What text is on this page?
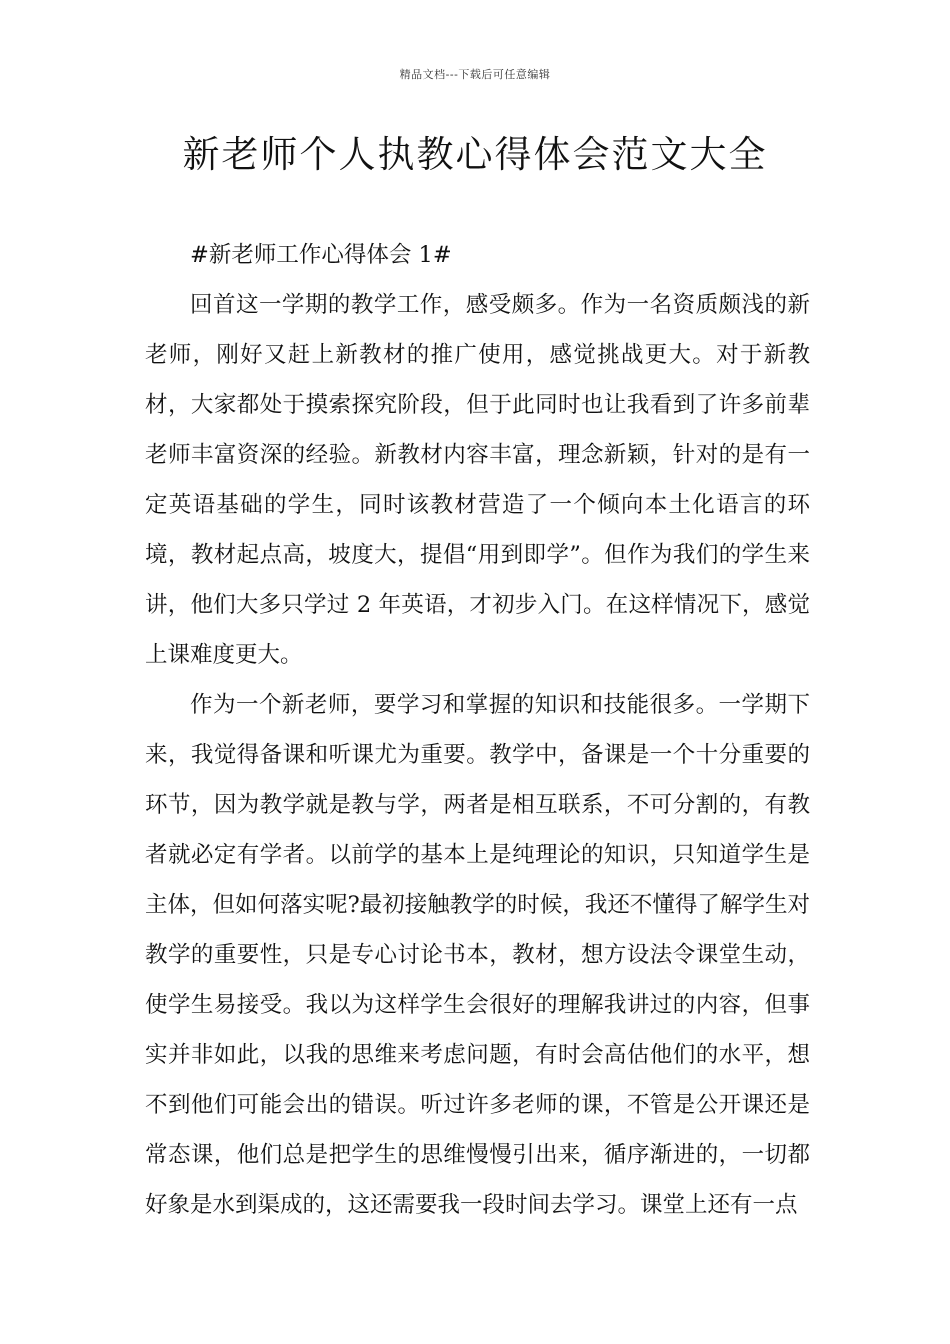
精品文档---下载后可任意编辑
新老师个人执教心得体会范文大全

#新老师工作心得体会 1#

回首这一学期的教学工作，感受颇多。作为一名资质颇浅的新老师，刚好又赶上新教材的推广使用，感觉挑战更大。对于新教材，大家都处于摸索探究阶段，但于此同时也让我看到了许多前辈老师丰富资深的经验。新教材内容丰富，理念新颖，针对的是有一定英语基础的学生，同时该教材营造了一个倾向本土化语言的环境，教材起点高，坡度大，提倡“用到即学”。但作为我们的学生来讲，他们大多只学过 2 年英语，才初步入门。在这样情况下，感觉上课难度更大。

作为一个新老师，要学习和掌握的知识和技能很多。一学期下来，我觉得备课和听课尤为重要。教学中，备课是一个十分重要的环节，因为教学就是教与学，两者是相互联系，不可分割的，有教者就必定有学者。以前学的基本上是纯理论的知识，只知道学生是主体，但如何落实呢?最初接触教学的时候，我还不懂得了解学生对教学的重要性，只是专心讨论书本，教材，想方设法令课堂生动，使学生易接受。我以为这样学生会很好的理解我讲过的内容，但事实并非如此，以我的思维来考虑问题，有时会高估他们的水平，想不到他们可能会出的错误。听过许多老师的课，不管是公开课还是常态课，他们总是把学生的思维慢慢引出来，循序渐进的，一切都好象是水到渠成的，这还需要我一段时间去学习。课堂上还有一点
